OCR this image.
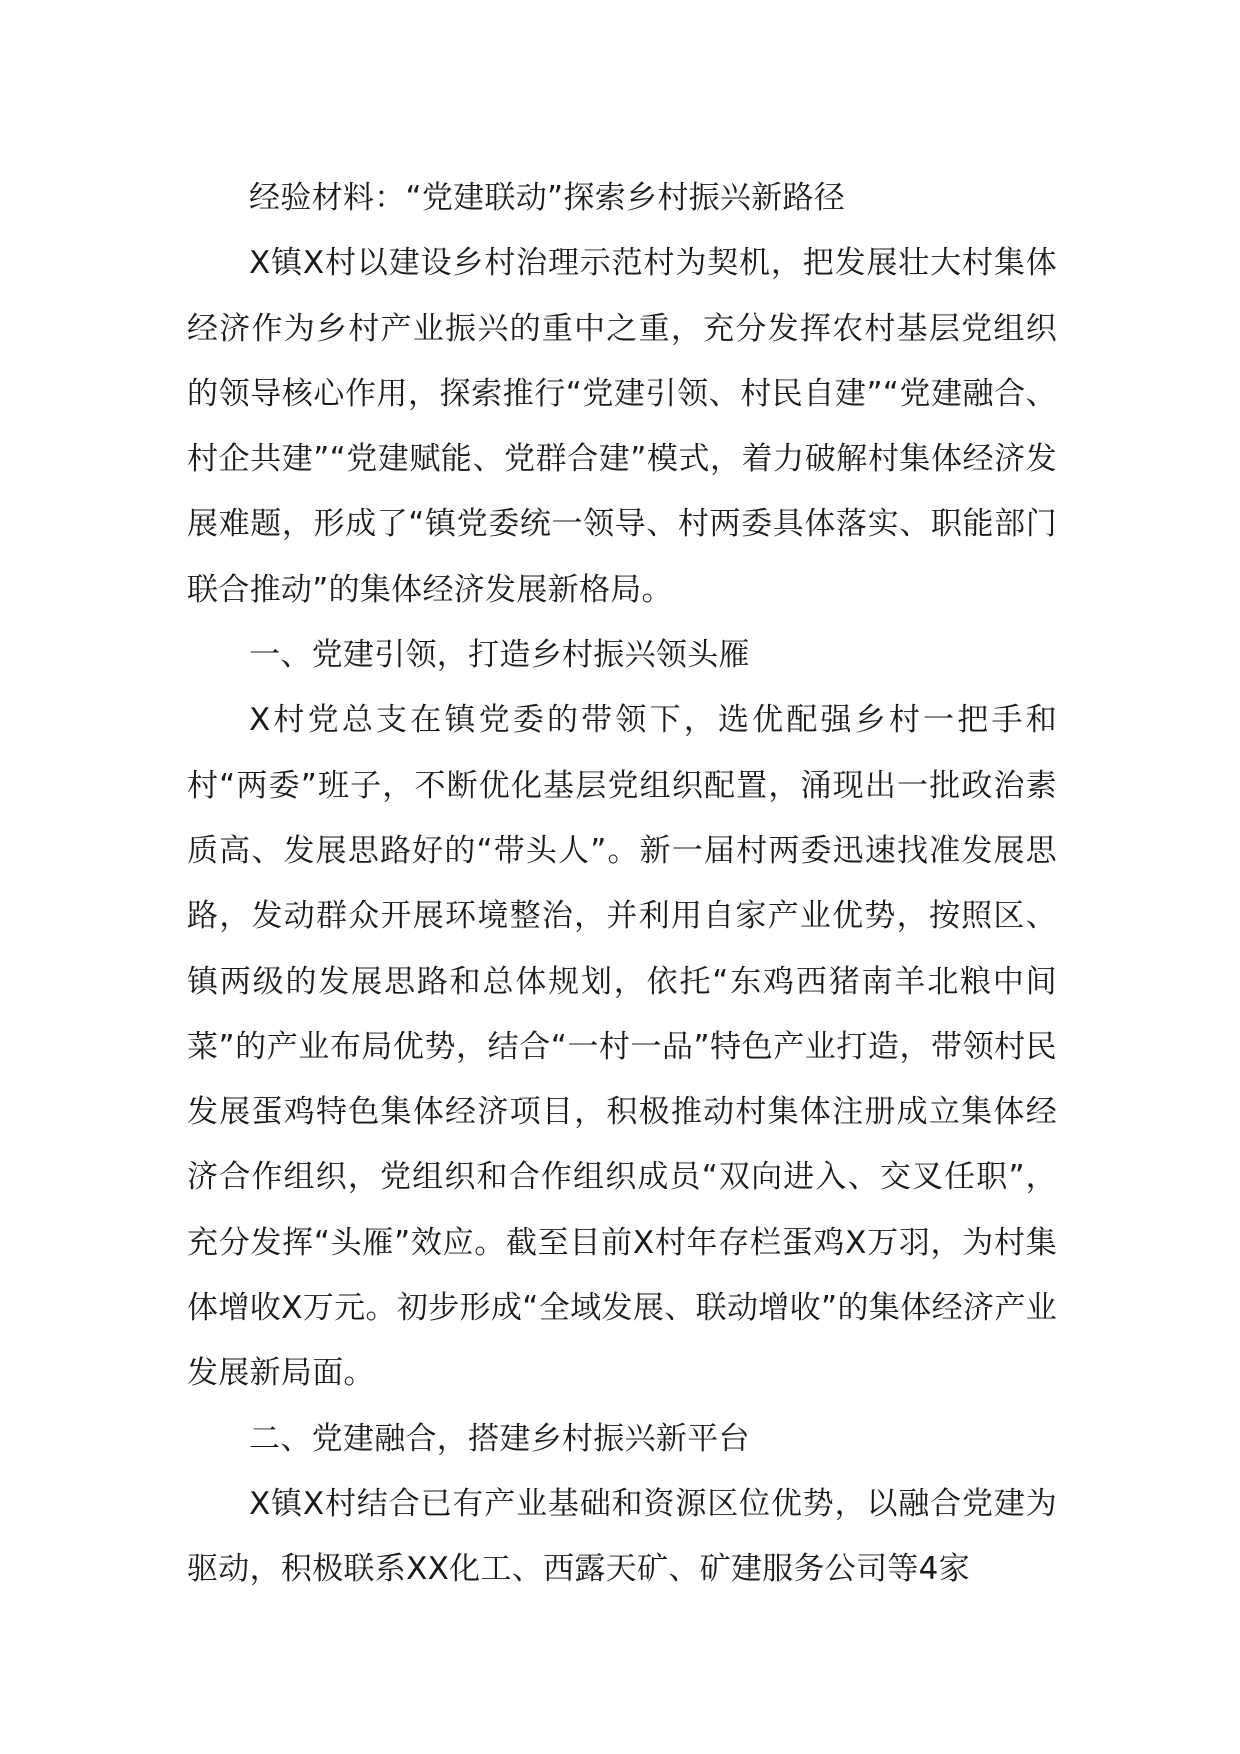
经验材料：“党建联动”探索乡村振兴新路径

X镇X村以建设乡村治理示范村为契机，把发展壮大村集体经济作为乡村产业振兴的重中之重，充分发挥农村基层党组织的领导核心作用，探索推行“党建引领、村民自建”“党建融合、村企共建”“党建赋能、党群合建”模式，着力破解村集体经济发展难题，形成了“镇党委统一领导、村两委具体落实、职能部门联合推动”的集体经济发展新格局。

一、党建引领，打造乡村振兴领头雁

X村党总支在镇党委的带领下，选优配强乡村一把手和村“两委”班子，不断优化基层党组织配置，涌现出一批政治素质高、发展思路好的“带头人”。新一届村两委迅速找准发展思路，发动群众开展环境整治，并利用自家产业优势，按照区、镇两级的发展思路和总体规划，依托“东鸡西猪南羊北粮中间菜”的产业布局优势，结合“一村一品”特色产业打造，带领村民发展蛋鸡特色集体经济项目，积极推动村集体注册成立集体经济合作组织，党组织和合作组织成员“双向进入、交叉任职”，充分发挥“头雁”效应。截至目前X村年存栏蛋鸡X万羽，为村集体增收X万元。初步形成“全域发展、联动增收”的集体经济产业发展新局面。

二、党建融合，搭建乡村振兴新平台

X镇X村结合已有产业基础和资源区位优势，以融合党建为驱动，积极联系XX化工、西露天矿、矿建服务公司等4家
